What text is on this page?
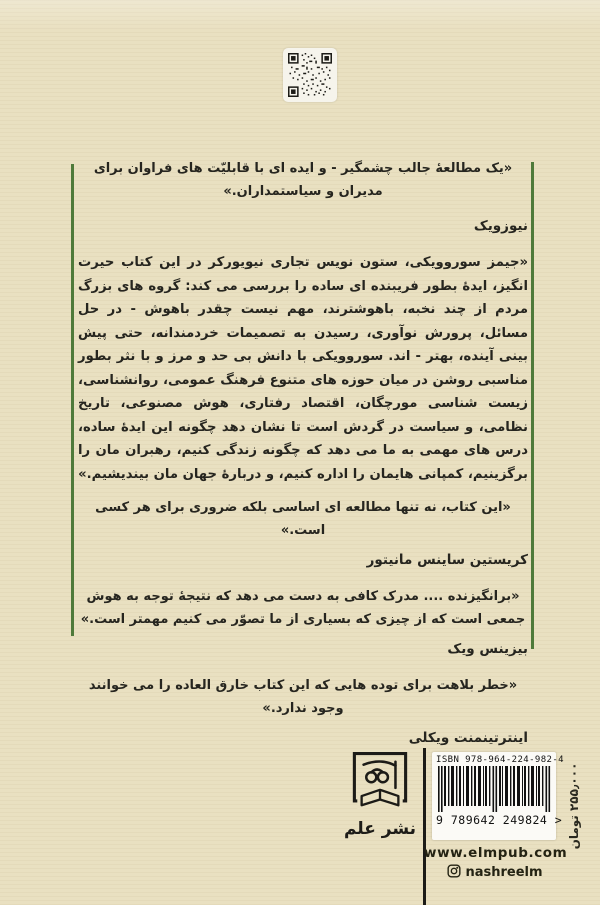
«یک مطالعهٔ جالب چشمگیر - و ایده ای با قابلیّت های فراوان برای مدیران و سیاستمداران.»
نیوزویک
«جیمز سوروویکی، ستون نویس تجاری نیویورکر در این کتاب حیرت انگیز، ایدهٔ بطور فریبنده ای ساده را بررسی می کند: گروه های بزرگ مردم از چند نخبه، باهوشترند، مهم نیست چقدر باهوش - در حل مسائل، پرورش نوآوری، رسیدن به تصمیمات خردمندانه، حتی پیش بینی آینده، بهتر - اند. سوروویکی با دانش بی حد و مرز و با نثر بطور مناسبی روشن در میان حوزه های متنوع فرهنگ عمومی، روانشناسی، زیست شناسی مورچگان، اقتصاد رفتاری، هوش مصنوعی، تاریخ نظامی، و سیاست در گردش است تا نشان دهد چگونه این ایدهٔ ساده، درس های مهمی به ما می دهد که چگونه زندگی کنیم، رهبران مان را برگزینیم، کمپانی هایمان را اداره کنیم، و دربارهٔ جهان مان بیندیشیم.»
«این کتاب، نه تنها مطالعه ای اساسی بلکه ضروری برای هر کسی است.»
کریستین ساینس مانیتور
«برانگیزنده .... مدرک کافی به دست می دهد که نتیجهٔ توجه به هوش جمعی است که از چیزی که بسیاری از ما تصوّر می کنیم مهمتر است.»
بیزینس ویک
«خطر بلاهت برای توده هایی که این کتاب خارق العاده را می خوانند وجود ندارد.»
اینترتینمنت ویکلی
نشر علم
ISBN 978-964-224-982-4
9 789642 249824 > ۲۵۵٫۰۰۰ تومان
www.elmpub.com
nashreelm
